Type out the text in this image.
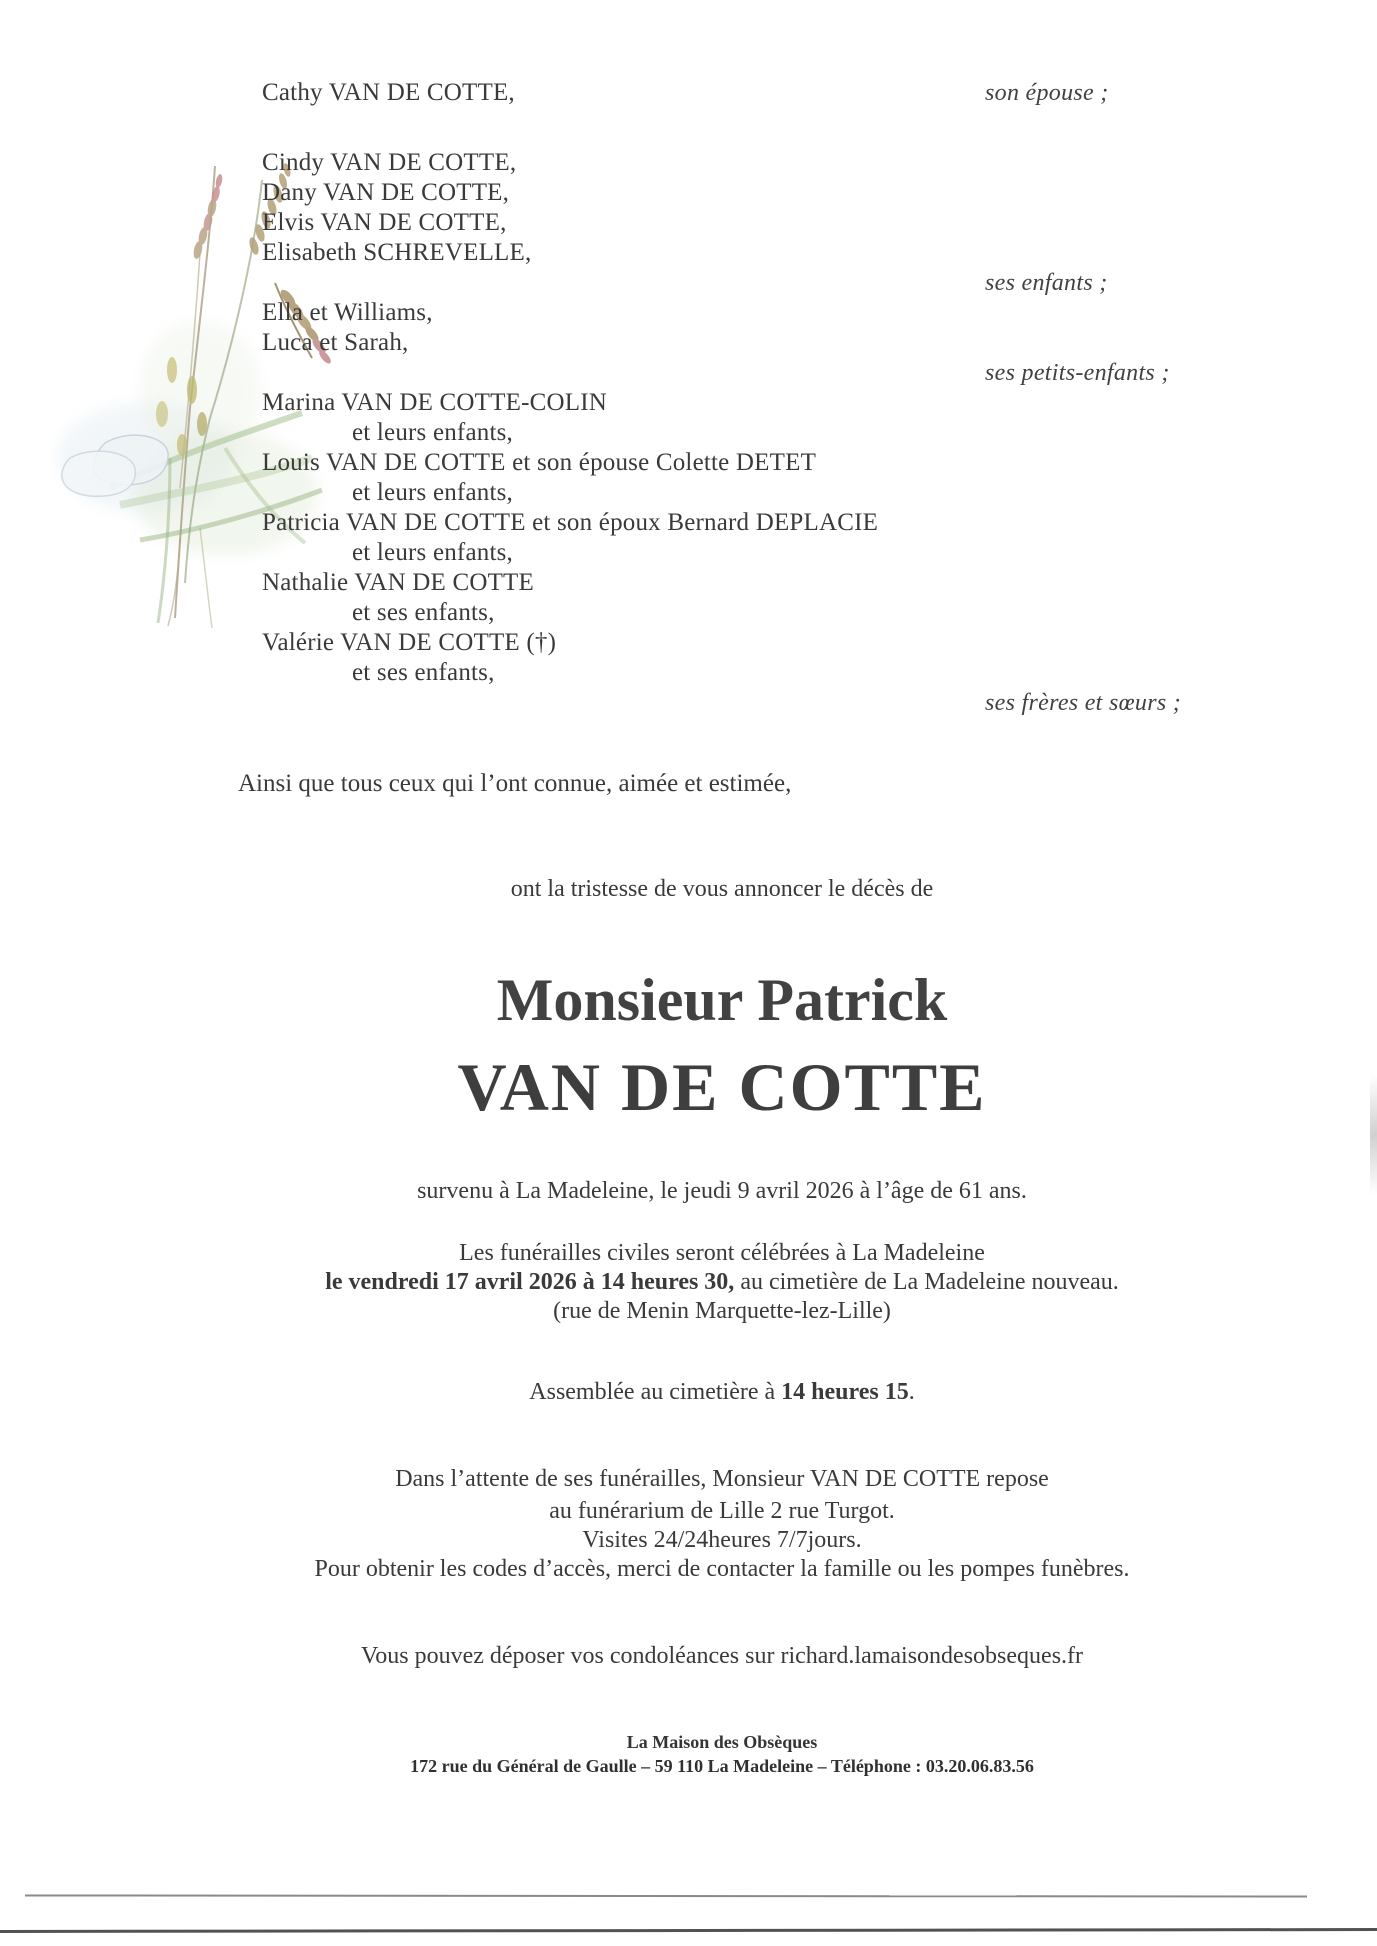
Cathy VAN DE COTTE,	son épouse ;
Cindy VAN DE COTTE,
Dany VAN DE COTTE,
Elvis VAN DE COTTE,
Elisabeth SCHREVELLE,
ses enfants ;
Ella et Williams,
Luca et Sarah,
ses petits-enfants ;
Marina VAN DE COTTE-COLIN
et leurs enfants,
Louis VAN DE COTTE et son épouse Colette DETET
et leurs enfants,
Patricia VAN DE COTTE et son époux Bernard DEPLACIE
et leurs enfants,
Nathalie VAN DE COTTE
et ses enfants,
Valérie VAN DE COTTE (†)
et ses enfants,
ses frères et sœurs ;
Ainsi que tous ceux qui l’ont connue, aimée et estimée,
ont la tristesse de vous annoncer le décès de
Monsieur Patrick
VAN DE COTTE
survenu à La Madeleine, le jeudi 9 avril 2026 à l’âge de 61 ans.
Les funérailles civiles seront célébrées à La Madeleine
le vendredi 17 avril 2026 à 14 heures 30, au cimetière de La Madeleine nouveau.
(rue de Menin Marquette-lez-Lille)
Assemblée au cimetière à 14 heures 15.
Dans l’attente de ses funérailles, Monsieur VAN DE COTTE repose
au funérarium de Lille 2 rue Turgot.
Visites 24/24heures 7/7jours.
Pour obtenir les codes d’accès, merci de contacter la famille ou les pompes funèbres.
Vous pouvez déposer vos condoléances sur richard.lamaisondesobseques.fr
La Maison des Obsèques
172 rue du Général de Gaulle – 59 110 La Madeleine – Téléphone : 03.20.06.83.56
